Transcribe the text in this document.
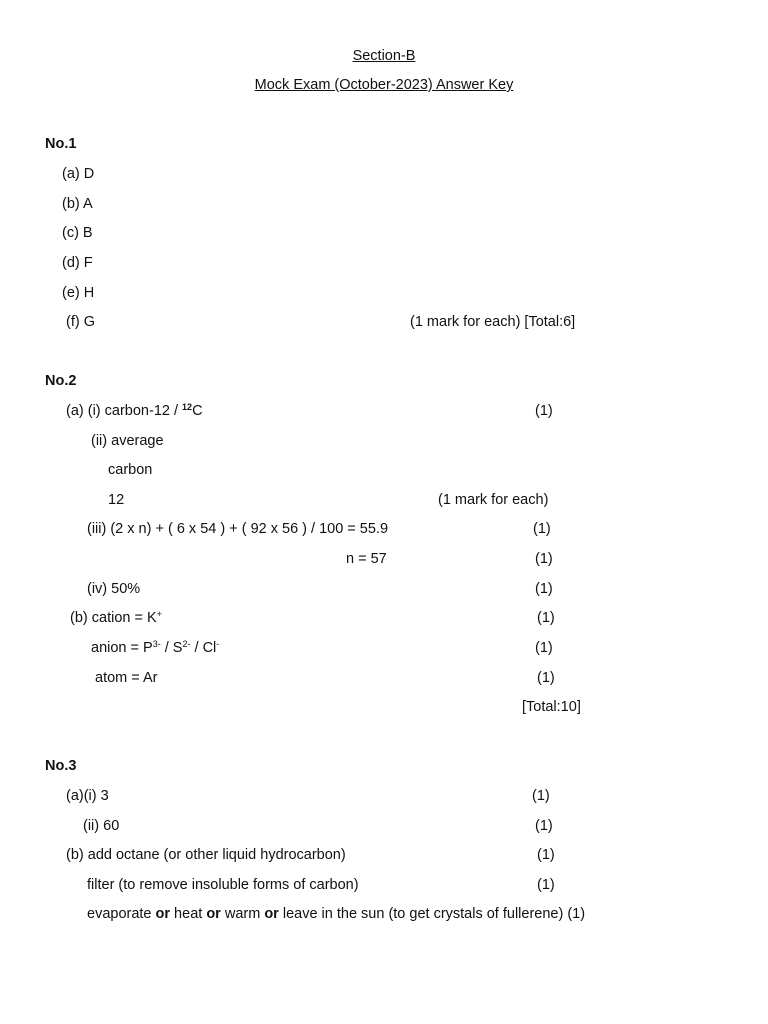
Section-B
Mock Exam (October-2023) Answer Key
No.1
(a) D
(b) A
(c) B
(d) F
(e) H
(f) G	(1 mark for each) [Total:6]
No.2
(a) (i) carbon-12 / $^{12}$C	(1)
(ii) average
carbon
12	(1 mark for each)
(iii) (2 x n) + ( 6 x 54 ) + ( 92 x 56 ) / 100 = 55.9	(1)
n = 57	(1)
(iv) 50%	(1)
(b) cation = K+	(1)
anion = $P^{3-} / S^{2-} / Cl^-$	(1)
atom = Ar	(1)
[Total:10]
No.3
(a)(i) 3	(1)
(ii) 60	(1)
(b) add octane (or other liquid hydrocarbon)	(1)
filter (to remove insoluble forms of carbon)	(1)
evaporate or heat or warm or leave in the sun (to get crystals of fullerene) (1)
